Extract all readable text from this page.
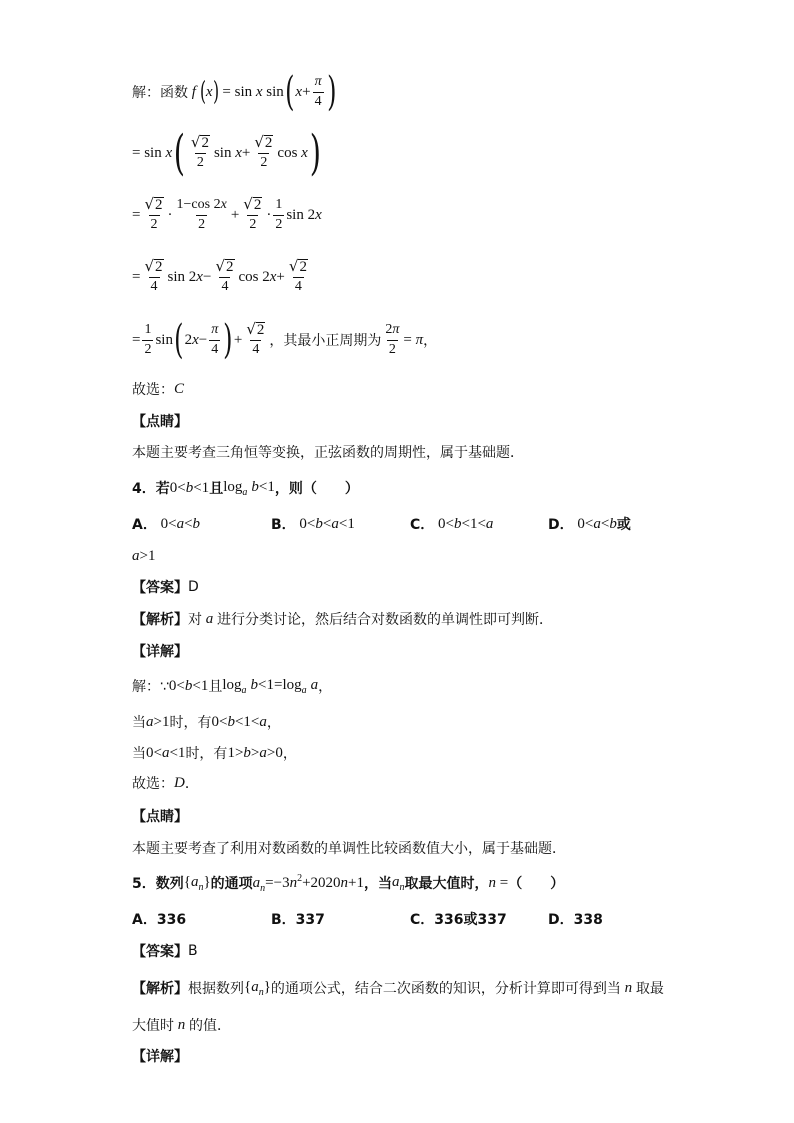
解：函数 f ( x ) = sin x sin ( $x + \frac{\pi}{4}$ )
= sin x ( $\frac{√ 2}{2}$ $\sin x + \frac{√ 2}{2}$ cos x )
= $\frac{√ 2}{2} \cdot \frac{1-\cos 2x}{2} + \frac{√ 2}{2} \cdot \frac{1}{2}$ sin 2x
= $\frac{√ 2}{4}$ $\sin 2x- \frac{√ 2}{4}$ $\cos 2x+ \frac{√ 2}{4}$
= $\frac{1}{2}$ sin ( $2x- \frac{\pi}{4}$ ) + $\frac{√ 2}{4}$ ，其最小正周期为 $\frac{2\pi}{2} = \pi$ ，
故选： C
【点睛】
本题主要考查三角恒等变换，正弦函数的周期性，属于基础题．
4．若 0<b<1 且 $\log_a b<1$ ，则（　　）
A． 0<a<b	B． 0<b<a<1	C． 0<b<1<a	D． 0<a<b 或
a>1
【答案】 D
【解析】 对 a 进行分类讨论，然后结合对数函数的单调性即可判断．
【详解】
解：∵ 0<b<1 且 $\log_a b<1=\log_a$ a ，
当 a>1 时，有 0<b<1<a ，
当 0<a<1 时，有 1>b>a>0 ，
故选： D ．
【点睛】
本题主要考查了利用对数函数的单调性比较函数值大小，属于基础题．
5．数列 $\{a_n\}$ 的通项 $a_n=-3n^2+2020n+1$ ，当 $a_n$ 取最大值时， n = （　　）
A．336	B．337	C．336或337	D．338
【答案】 B
【解析】 根据数列 $\{a_n\}$ 的通项公式，结合二次函数的知识，分析计算即可得到当 n 取最
大值时 n 的值．
【详解】
